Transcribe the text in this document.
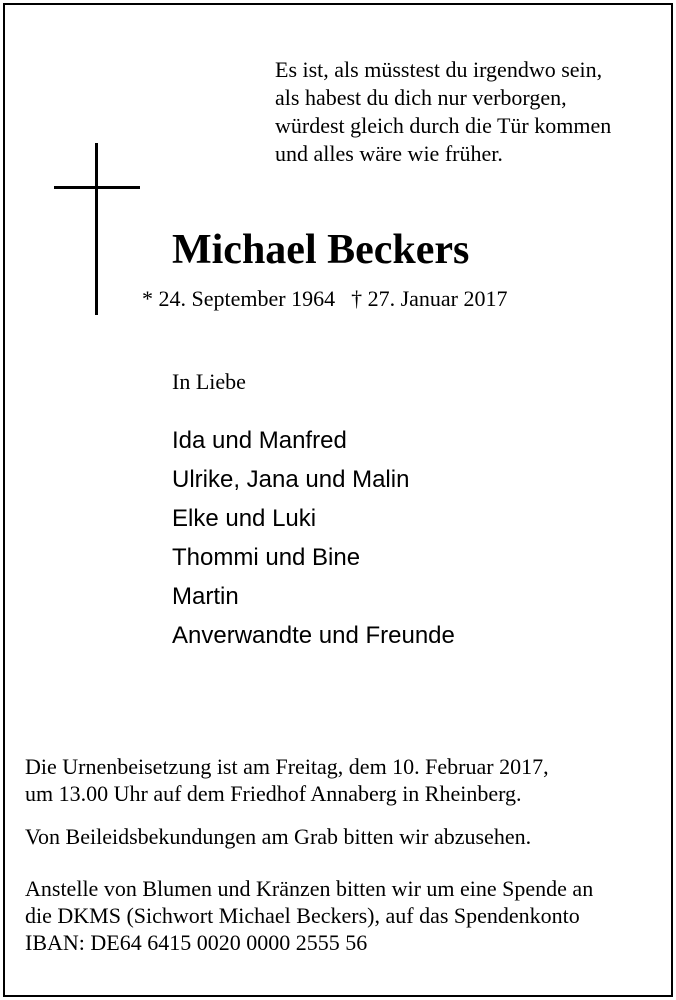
Es ist, als müsstest du irgendwo sein,
als habest du dich nur verborgen,
würdest gleich durch die Tür kommen
und alles wäre wie früher.
Michael Beckers
* 24. September 1964 † 27. Januar 2017
In Liebe
Ida und Manfred
Ulrike, Jana und Malin
Elke und Luki
Thommi und Bine
Martin
Anverwandte und Freunde
Die Urnenbeisetzung ist am Freitag, dem 10. Februar 2017,
um 13.00 Uhr auf dem Friedhof Annaberg in Rheinberg.
Von Beileidsbekundungen am Grab bitten wir abzusehen.
Anstelle von Blumen und Kränzen bitten wir um eine Spende an
die DKMS (Sichwort Michael Beckers), auf das Spendenkonto
IBAN: DE64 6415 0020 0000 2555 56
